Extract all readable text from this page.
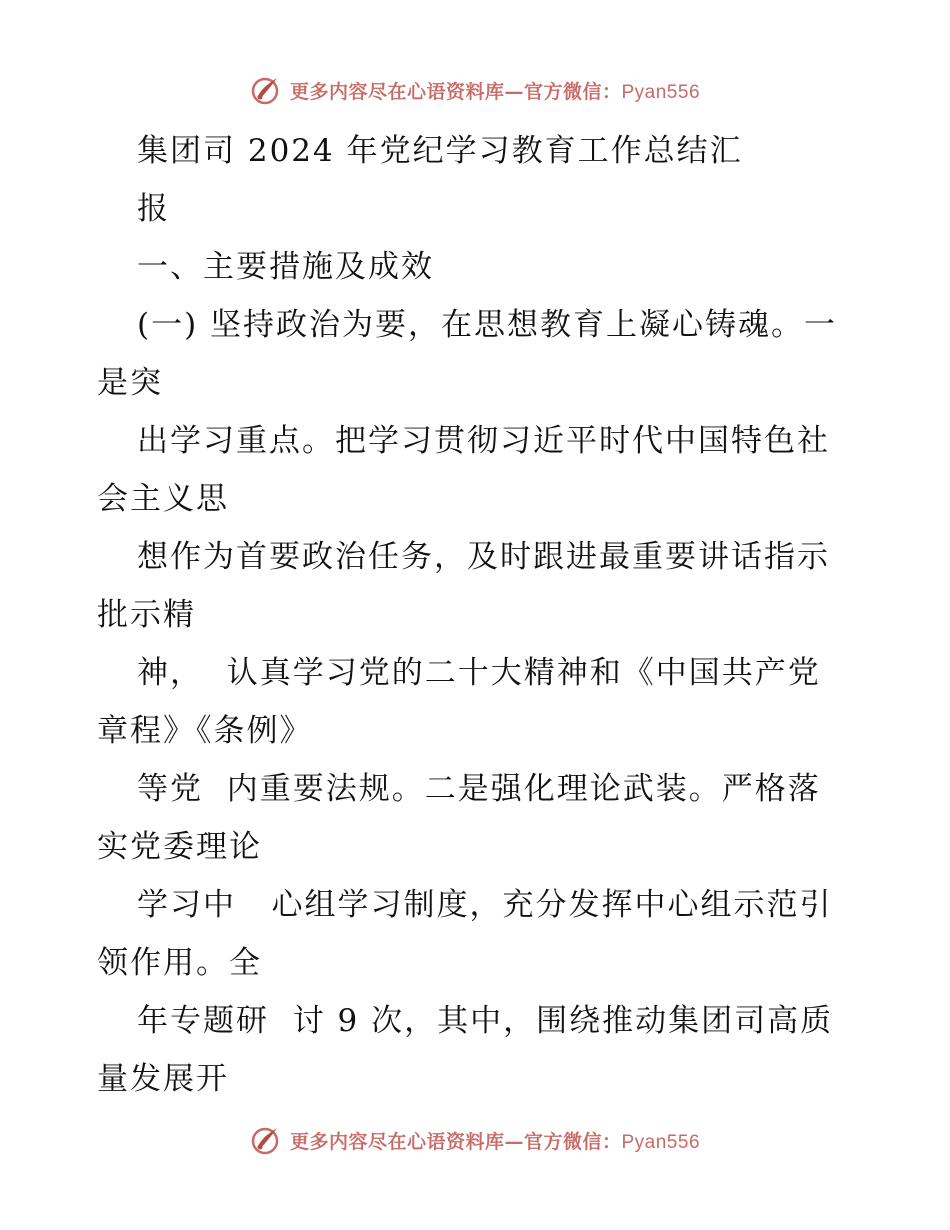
更多内容尽在心语资料库—官方微信：Pyan556
集团司 2024 年党纪学习教育工作总结汇
报
一、主要措施及成效
(一) 坚持政治为要，在思想教育上凝心铸魂。一
是突
出学习重点。把学习贯彻习近平时代中国特色社
会主义思
想作为首要政治任务，及时跟进最重要讲话指示
批示精
神，  认真学习党的二十大精神和《中国共产党
章程》《条例》
等党  内重要法规。二是强化理论武装。严格落
实党委理论
学习中   心组学习制度，充分发挥中心组示范引
领作用。全
年专题研  讨 9 次，其中，围绕推动集团司高质
量发展开
更多内容尽在心语资料库—官方微信：Pyan556
